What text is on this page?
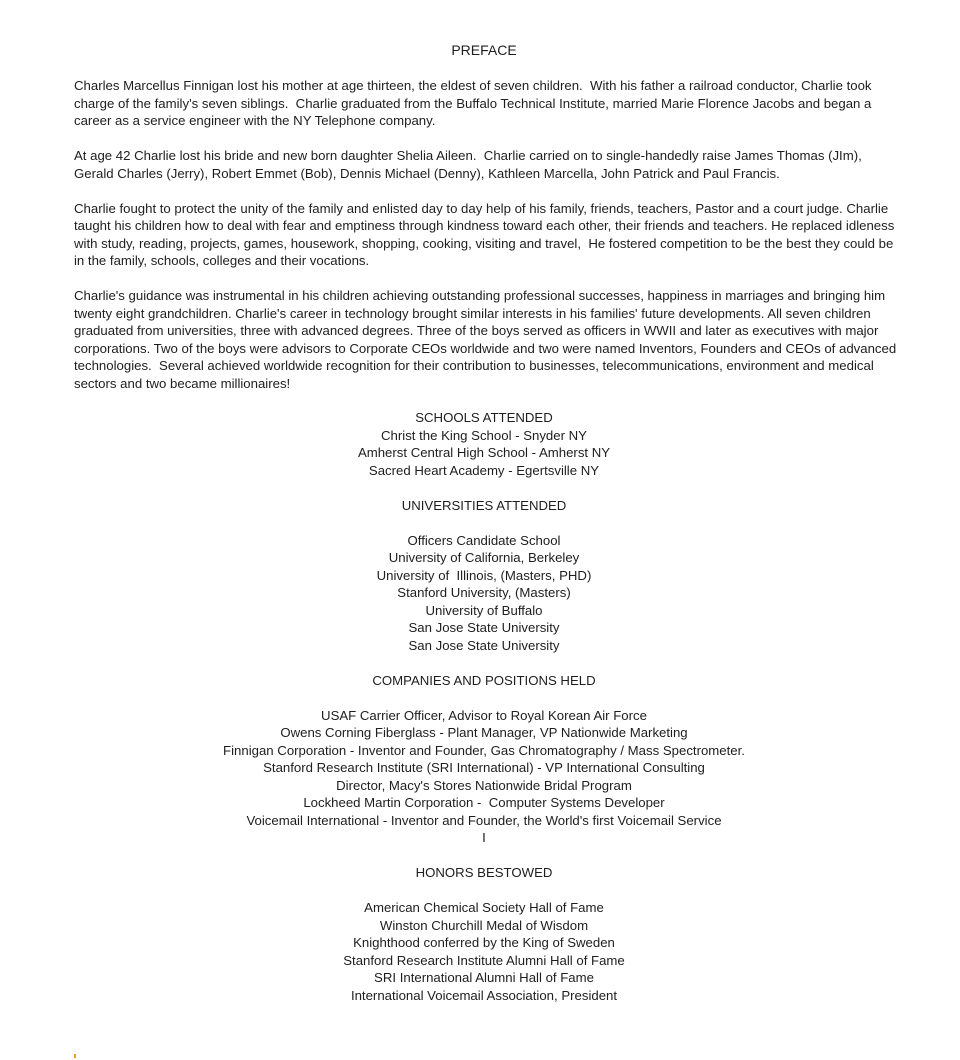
PREFACE

Charles Marcellus Finnigan lost his mother at age thirteen, the eldest of seven children.  With his father a railroad conductor, Charlie took charge of the family's seven siblings.  Charlie graduated from the Buffalo Technical Institute, married Marie Florence Jacobs and began a career as a service engineer with the NY Telephone company.

At age 42 Charlie lost his bride and new born daughter Shelia Aileen.  Charlie carried on to single-handedly raise James Thomas (JIm), Gerald Charles (Jerry), Robert Emmet (Bob), Dennis Michael (Denny), Kathleen Marcella, John Patrick and Paul Francis.

Charlie fought to protect the unity of the family and enlisted day to day help of his family, friends, teachers, Pastor and a court judge. Charlie taught his children how to deal with fear and emptiness through kindness toward each other, their friends and teachers. He replaced idleness with study, reading, projects, games, housework, shopping, cooking, visiting and travel,  He fostered competition to be the best they could be in the family, schools, colleges and their vocations.

Charlie's guidance was instrumental in his children achieving outstanding professional successes, happiness in marriages and bringing him twenty eight grandchildren. Charlie's career in technology brought similar interests in his families' future developments. All seven children graduated from universities, three with advanced degrees. Three of the boys served as officers in WWII and later as executives with major corporations. Two of the boys were advisors to Corporate CEOs worldwide and two were named Inventors, Founders and CEOs of advanced technologies.  Several achieved worldwide recognition for their contribution to businesses, telecommunications, environment and medical sectors and two became millionaires!

SCHOOLS ATTENDED
Christ the King School - Snyder NY
Amherst Central High School - Amherst NY
Sacred Heart Academy - Egertsville NY
UNIVERSITIES ATTENDED
Officers Candidate School
University of California, Berkeley
University of  Illinois, (Masters, PHD)
Stanford University, (Masters)
University of Buffalo
San Jose State University
San Jose State University
COMPANIES AND POSITIONS HELD
USAF Carrier Officer, Advisor to Royal Korean Air Force
Owens Corning Fiberglass - Plant Manager, VP Nationwide Marketing
Finnigan Corporation - Inventor and Founder, Gas Chromatography / Mass Spectrometer.
Stanford Research Institute (SRI International) - VP International Consulting
Director, Macy's Stores Nationwide Bridal Program
Lockheed Martin Corporation -  Computer Systems Developer
Voicemail International - Inventor and Founder, the World's first Voicemail Service
I
HONORS BESTOWED
American Chemical Society Hall of Fame
Winston Churchill Medal of Wisdom
Knighthood conferred by the King of Sweden
Stanford Research Institute Alumni Hall of Fame
SRI International Alumni Hall of Fame
International Voicemail Association, President
